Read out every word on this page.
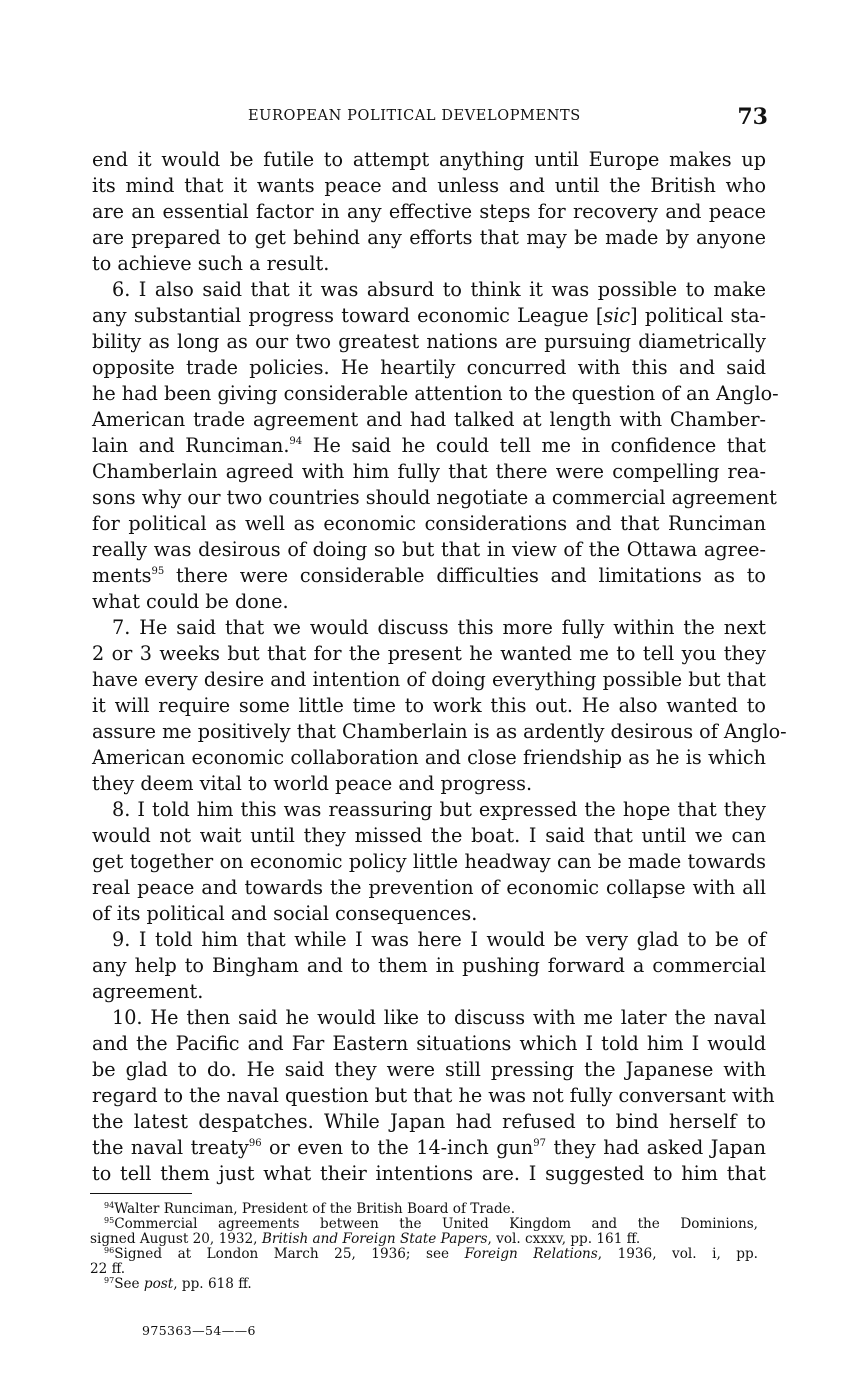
EUROPEAN POLITICAL DEVELOPMENTS	73
end it would be futile to attempt anything until Europe makes up
its mind that it wants peace and unless and until the British who
are an essential factor in any effective steps for recovery and peace
are prepared to get behind any efforts that may be made by anyone
to achieve such a result.
6. I also said that it was absurd to think it was possible to make
any substantial progress toward economic League [sic] political sta-
bility as long as our two greatest nations are pursuing diametrically
opposite trade policies. He heartily concurred with this and said
he had been giving considerable attention to the question of an Anglo-
American trade agreement and had talked at length with Chamber-
lain and Runciman.$^{94}$ He said he could tell me in confidence that
Chamberlain agreed with him fully that there were compelling rea-
sons why our two countries should negotiate a commercial agreement
for political as well as economic considerations and that Runciman
really was desirous of doing so but that in view of the Ottawa agree-
ments$^{95}$ there were considerable difficulties and limitations as to
what could be done.
7. He said that we would discuss this more fully within the next
2 or 3 weeks but that for the present he wanted me to tell you they
have every desire and intention of doing everything possible but that
it will require some little time to work this out. He also wanted to
assure me positively that Chamberlain is as ardently desirous of Anglo-
American economic collaboration and close friendship as he is which
they deem vital to world peace and progress.
8. I told him this was reassuring but expressed the hope that they
would not wait until they missed the boat. I said that until we can
get together on economic policy little headway can be made towards
real peace and towards the prevention of economic collapse with all
of its political and social consequences.
9. I told him that while I was here I would be very glad to be of
any help to Bingham and to them in pushing forward a commercial
agreement.
10. He then said he would like to discuss with me later the naval
and the Pacific and Far Eastern situations which I told him I would
be glad to do. He said they were still pressing the Japanese with
regard to the naval question but that he was not fully conversant with
the latest despatches. While Japan had refused to bind herself to
the naval treaty$^{96}$ or even to the 14-inch gun$^{97}$ they had asked Japan
to tell them just what their intentions are. I suggested to him that
$^{94}$Walter Runciman, President of the British Board of Trade.
$^{95}$Commercial agreements between the United Kingdom and the Dominions,
signed August 20, 1932, British and Foreign State Papers, vol. cxxxv, pp. 161 ff.
$^{96}$Signed at London March 25, 1936; see Foreign Relations, 1936, vol. i, pp.
22 ff.
$^{97}$See post, pp. 618 ff.
975363—54——6
